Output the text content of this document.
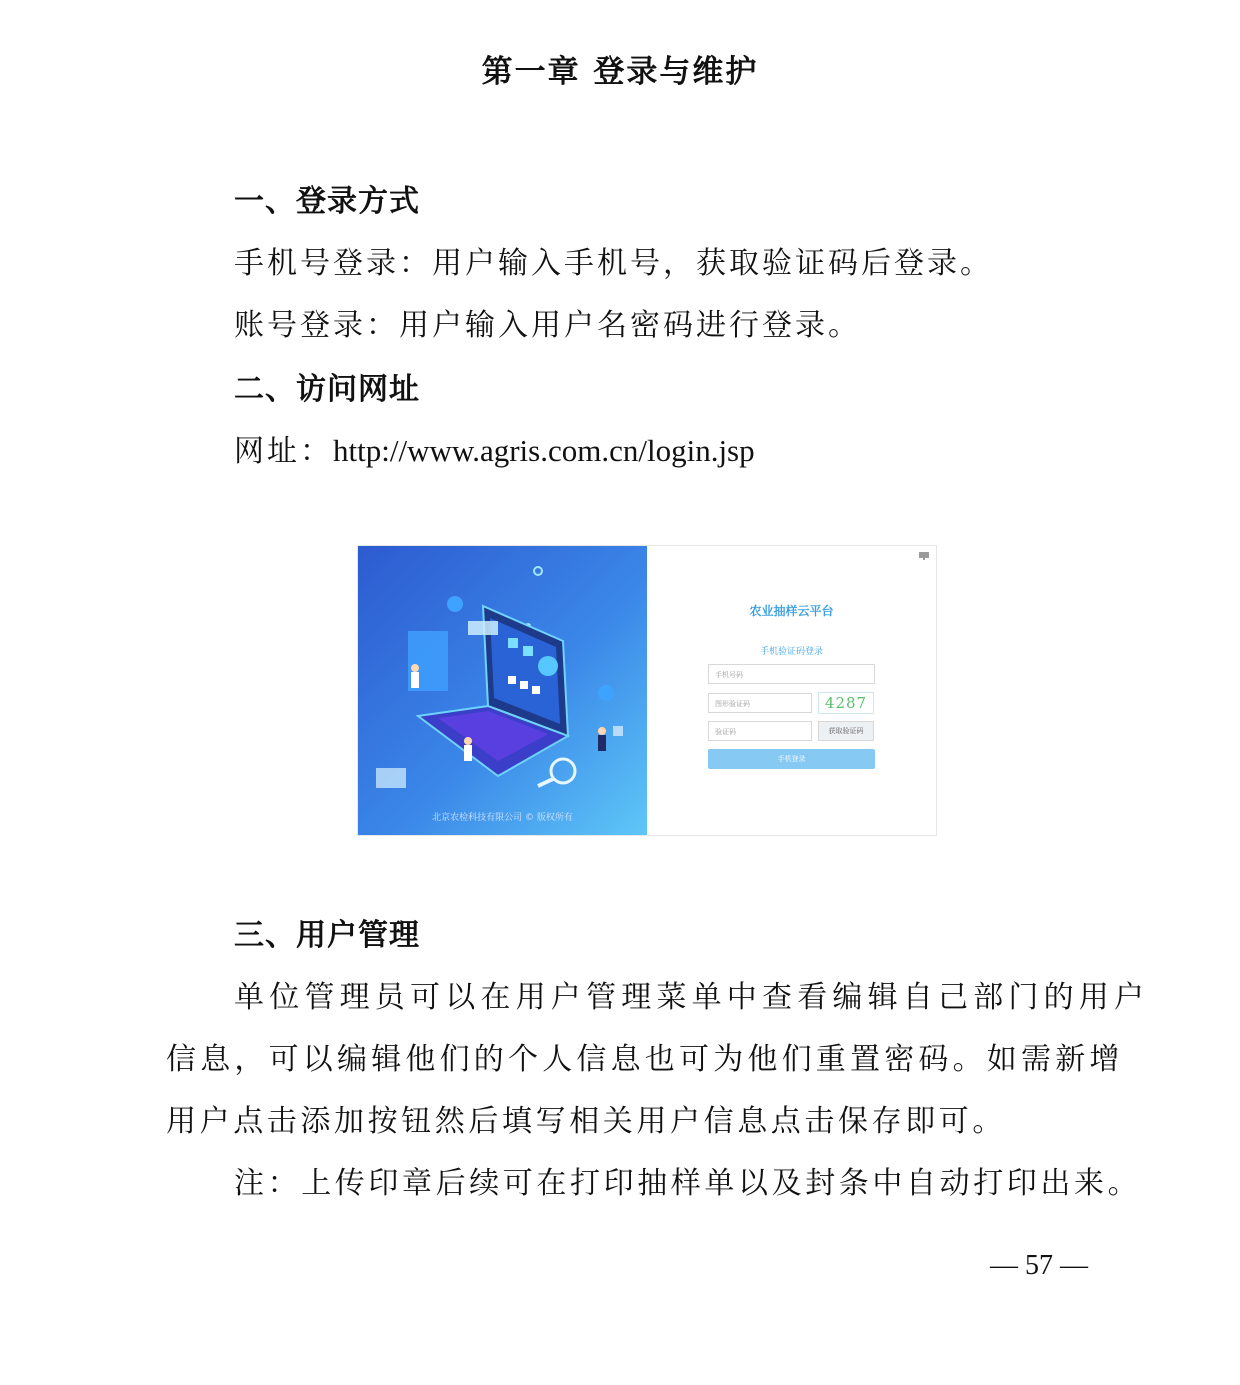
第一章 登录与维护
一、登录方式
手机号登录：用户输入手机号，获取验证码后登录。
账号登录：用户输入用户名密码进行登录。
二、访问网址
网址：http://www.agris.com.cn/login.jsp
北京农检科技有限公司 © 版权所有
农业抽样云平台
手机验证码登录
手机号码
图形验证码	4287
验证码	获取验证码
手机登录
三、用户管理
单位管理员可以在用户管理菜单中查看编辑自己部门的用户
信息，可以编辑他们的个人信息也可为他们重置密码。如需新增
用户点击添加按钮然后填写相关用户信息点击保存即可。
注：上传印章后续可在打印抽样单以及封条中自动打印出来。
— 57 —
